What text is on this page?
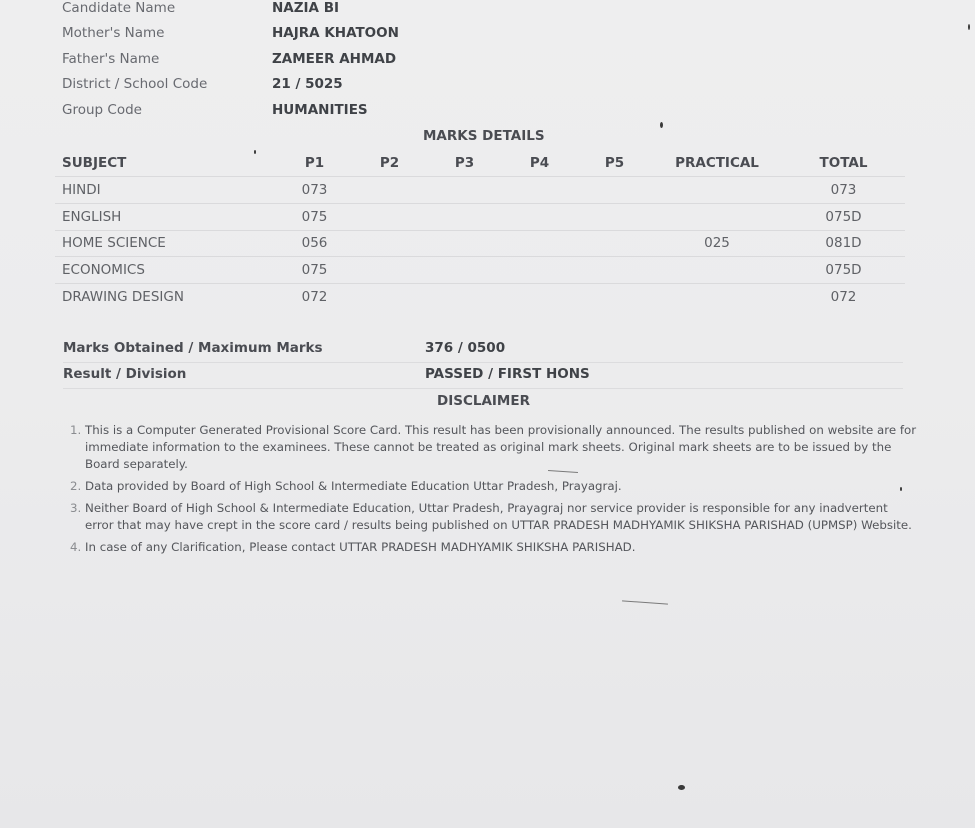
Candidate Name	NAZIA BI
Mother's Name	HAJRA KHATOON
Father's Name	ZAMEER AHMAD
District / School Code	21 / 5025
Group Code	HUMANITIES
MARKS DETAILS
SUBJECT	P1	P2	P3	P4	P5	PRACTICAL	TOTAL
HINDI	073						073
ENGLISH	075						075D
HOME SCIENCE	056					025	081D
ECONOMICS	075						075D
DRAWING DESIGN	072						072
Marks Obtained / Maximum Marks	376 / 0500
Result / Division	PASSED / FIRST HONS
DISCLAIMER
1. This is a Computer Generated Provisional Score Card. This result has been provisionally announced. The results published on website are for immediate information to the examinees. These cannot be treated as original mark sheets. Original mark sheets are to be issued by the Board separately.
2. Data provided by Board of High School & Intermediate Education Uttar Pradesh, Prayagraj.
3. Neither Board of High School & Intermediate Education, Uttar Pradesh, Prayagraj nor service provider is responsible for any inadvertent error that may have crept in the score card / results being published on UTTAR PRADESH MADHYAMIK SHIKSHA PARISHAD (UPMSP) Website.
4. In case of any Clarification, Please contact UTTAR PRADESH MADHYAMIK SHIKSHA PARISHAD.
